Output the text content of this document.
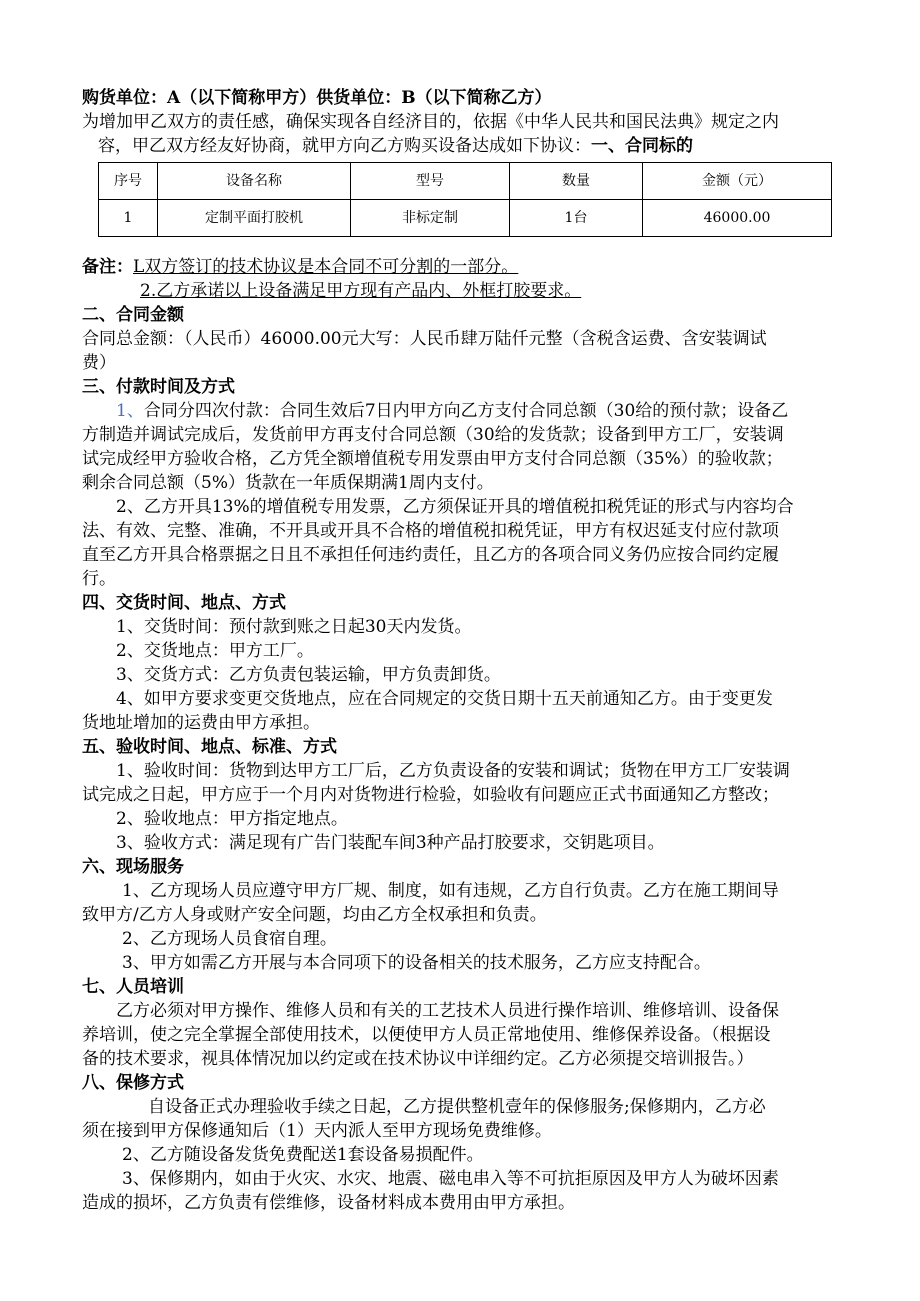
购货单位：A（以下简称甲方）供货单位：B（以下简称乙方）
为增加甲乙双方的责任感，确保实现各自经济目的，依据《中华人民共和国民法典》规定之内
容，甲乙双方经友好协商，就甲方向乙方购买设备达成如下协议：一、合同标的
序号	设备名称	型号	数量	金额（元）
1	定制平面打胶机	非标定制	1台	46000.00
备注：L双方签订的技术协议是本合同不可分割的一部分。
2.乙方承诺以上设备满足甲方现有产品内、外框打胶要求。
二、合同金额
合同总金额：（人民币）46000.00元大写：人民币肆万陆仟元整（含税含运费、含安装调试
费）
三、付款时间及方式
1、合同分四次付款：合同生效后7日内甲方向乙方支付合同总额（30给的预付款；设备乙
方制造并调试完成后，发货前甲方再支付合同总额（30给的发货款；设备到甲方工厂，安装调
试完成经甲方验收合格，乙方凭全额增值税专用发票由甲方支付合同总额（35%）的验收款；
剩余合同总额（5%）货款在一年质保期满1周内支付。
2、乙方开具13%的增值税专用发票，乙方须保证开具的增值税扣税凭证的形式与内容均合
法、有效、完整、准确，不开具或开具不合格的增值税扣税凭证，甲方有权迟延支付应付款项
直至乙方开具合格票据之日且不承担任何违约责任，且乙方的各项合同义务仍应按合同约定履
行。
四、交货时间、地点、方式
1、交货时间：预付款到账之日起30天内发货。
2、交货地点：甲方工厂。
3、交货方式：乙方负责包装运输，甲方负责卸货。
4、如甲方要求变更交货地点，应在合同规定的交货日期十五天前通知乙方。由于变更发
货地址增加的运费由甲方承担。
五、验收时间、地点、标准、方式
1、验收时间：货物到达甲方工厂后，乙方负责设备的安装和调试；货物在甲方工厂安装调
试完成之日起，甲方应于一个月内对货物进行检验，如验收有问题应正式书面通知乙方整改；
2、验收地点：甲方指定地点。
3、验收方式：满足现有广告门装配车间3种产品打胶要求，交钥匙项目。
六、现场服务
1、乙方现场人员应遵守甲方厂规、制度，如有违规，乙方自行负责。乙方在施工期间导
致甲方/乙方人身或财产安全问题，均由乙方全权承担和负责。
2、乙方现场人员食宿自理。
3、甲方如需乙方开展与本合同项下的设备相关的技术服务，乙方应支持配合。
七、人员培训
乙方必须对甲方操作、维修人员和有关的工艺技术人员进行操作培训、维修培训、设备保
养培训，使之完全掌握全部使用技术，以便使甲方人员正常地使用、维修保养设备。（根据设
备的技术要求，视具体情况加以约定或在技术协议中详细约定。乙方必须提交培训报告。）
八、保修方式
自设备正式办理验收手续之日起，乙方提供整机壹年的保修服务;保修期内，乙方必
须在接到甲方保修通知后（1）天内派人至甲方现场免费维修。
2、乙方随设备发货免费配送1套设备易损配件。
3、保修期内，如由于火灾、水灾、地震、磁电串入等不可抗拒原因及甲方人为破坏因素
造成的损坏，乙方负责有偿维修，设备材料成本费用由甲方承担。
